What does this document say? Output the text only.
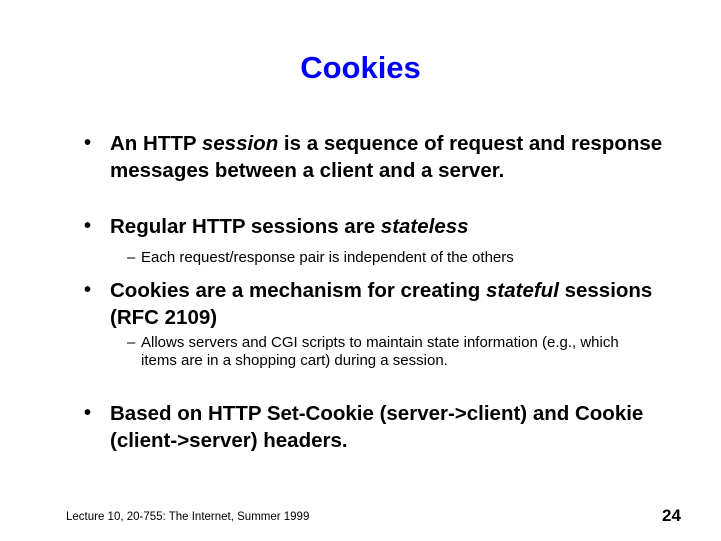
Cookies
• An HTTP session is a sequence of request and response messages between a client and a server.
• Regular HTTP sessions are stateless
– Each request/response pair is independent of the others
• Cookies are a mechanism for creating stateful sessions (RFC 2109)
– Allows servers and CGI scripts to maintain state information (e.g., which items are in a shopping cart) during a session.
• Based on HTTP Set-Cookie (server->client) and Cookie (client->server) headers.
Lecture 10, 20-755: The Internet, Summer 1999	24
